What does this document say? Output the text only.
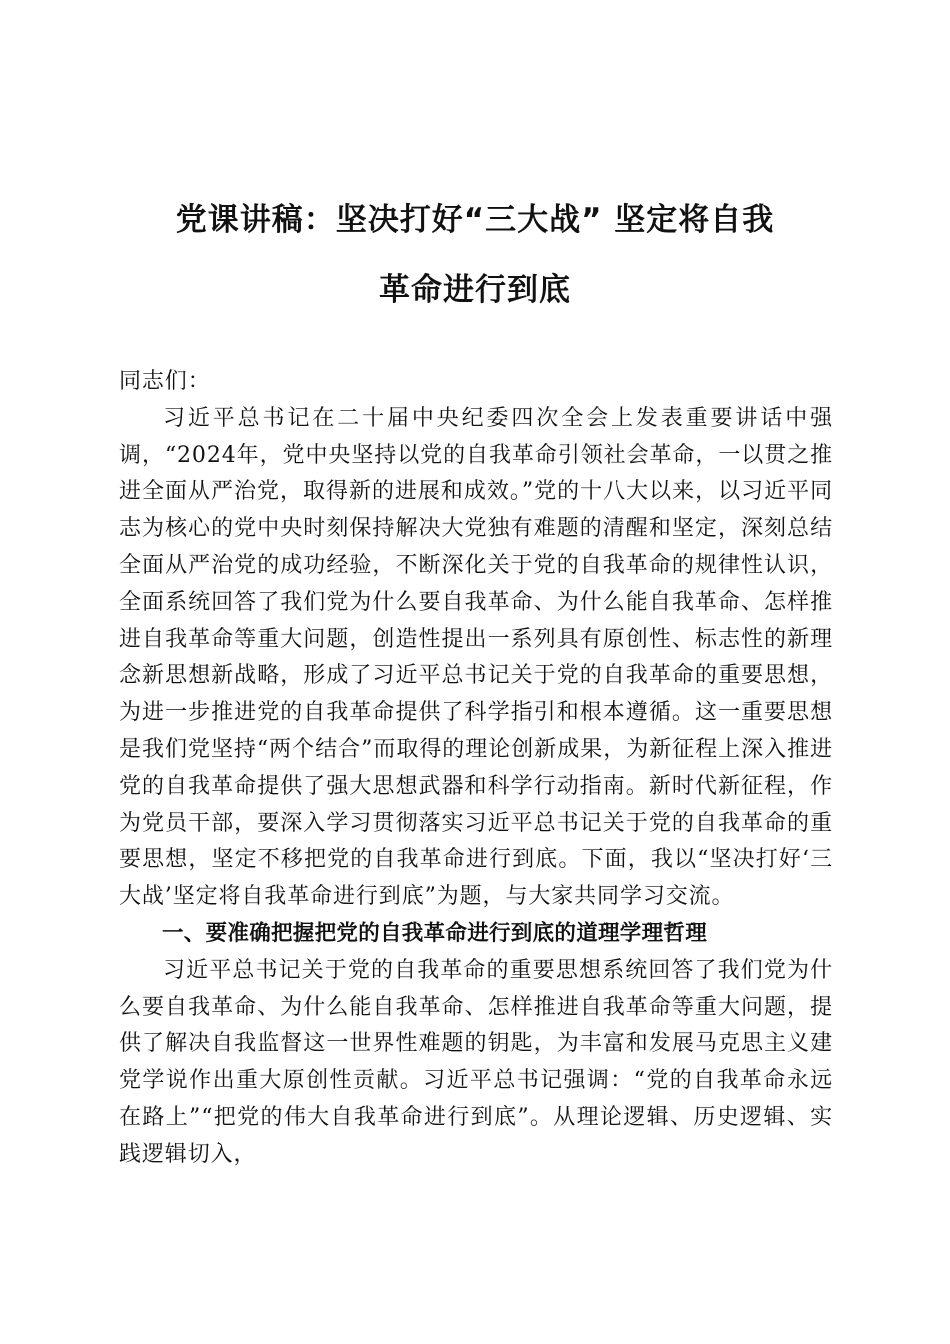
党课讲稿：坚决打好“三大战” 坚定将自我
革命进行到底

同志们：

习近平总书记在二十届中央纪委四次全会上发表重要讲话中强调，“2024年，党中央坚持以党的自我革命引领社会革命，一以贯之推进全面从严治党，取得新的进展和成效。”党的十八大以来，以习近平同志为核心的党中央时刻保持解决大党独有难题的清醒和坚定，深刻总结全面从严治党的成功经验，不断深化关于党的自我革命的规律性认识，全面系统回答了我们党为什么要自我革命、为什么能自我革命、怎样推进自我革命等重大问题，创造性提出一系列具有原创性、标志性的新理念新思想新战略，形成了习近平总书记关于党的自我革命的重要思想，为进一步推进党的自我革命提供了科学指引和根本遵循。这一重要思想是我们党坚持“两个结合”而取得的理论创新成果，为新征程上深入推进党的自我革命提供了强大思想武器和科学行动指南。新时代新征程，作为党员干部，要深入学习贯彻落实习近平总书记关于党的自我革命的重要思想，坚定不移把党的自我革命进行到底。下面，我以“坚决打好‘三大战’坚定将自我革命进行到底”为题，与大家共同学习交流。

一、要准确把握把党的自我革命进行到底的道理学理哲理

习近平总书记关于党的自我革命的重要思想系统回答了我们党为什么要自我革命、为什么能自我革命、怎样推进自我革命等重大问题，提供了解决自我监督这一世界性难题的钥匙，为丰富和发展马克思主义建党学说作出重大原创性贡献。习近平总书记强调：“党的自我革命永远在路上”“把党的伟大自我革命进行到底”。从理论逻辑、历史逻辑、实践逻辑切入，
